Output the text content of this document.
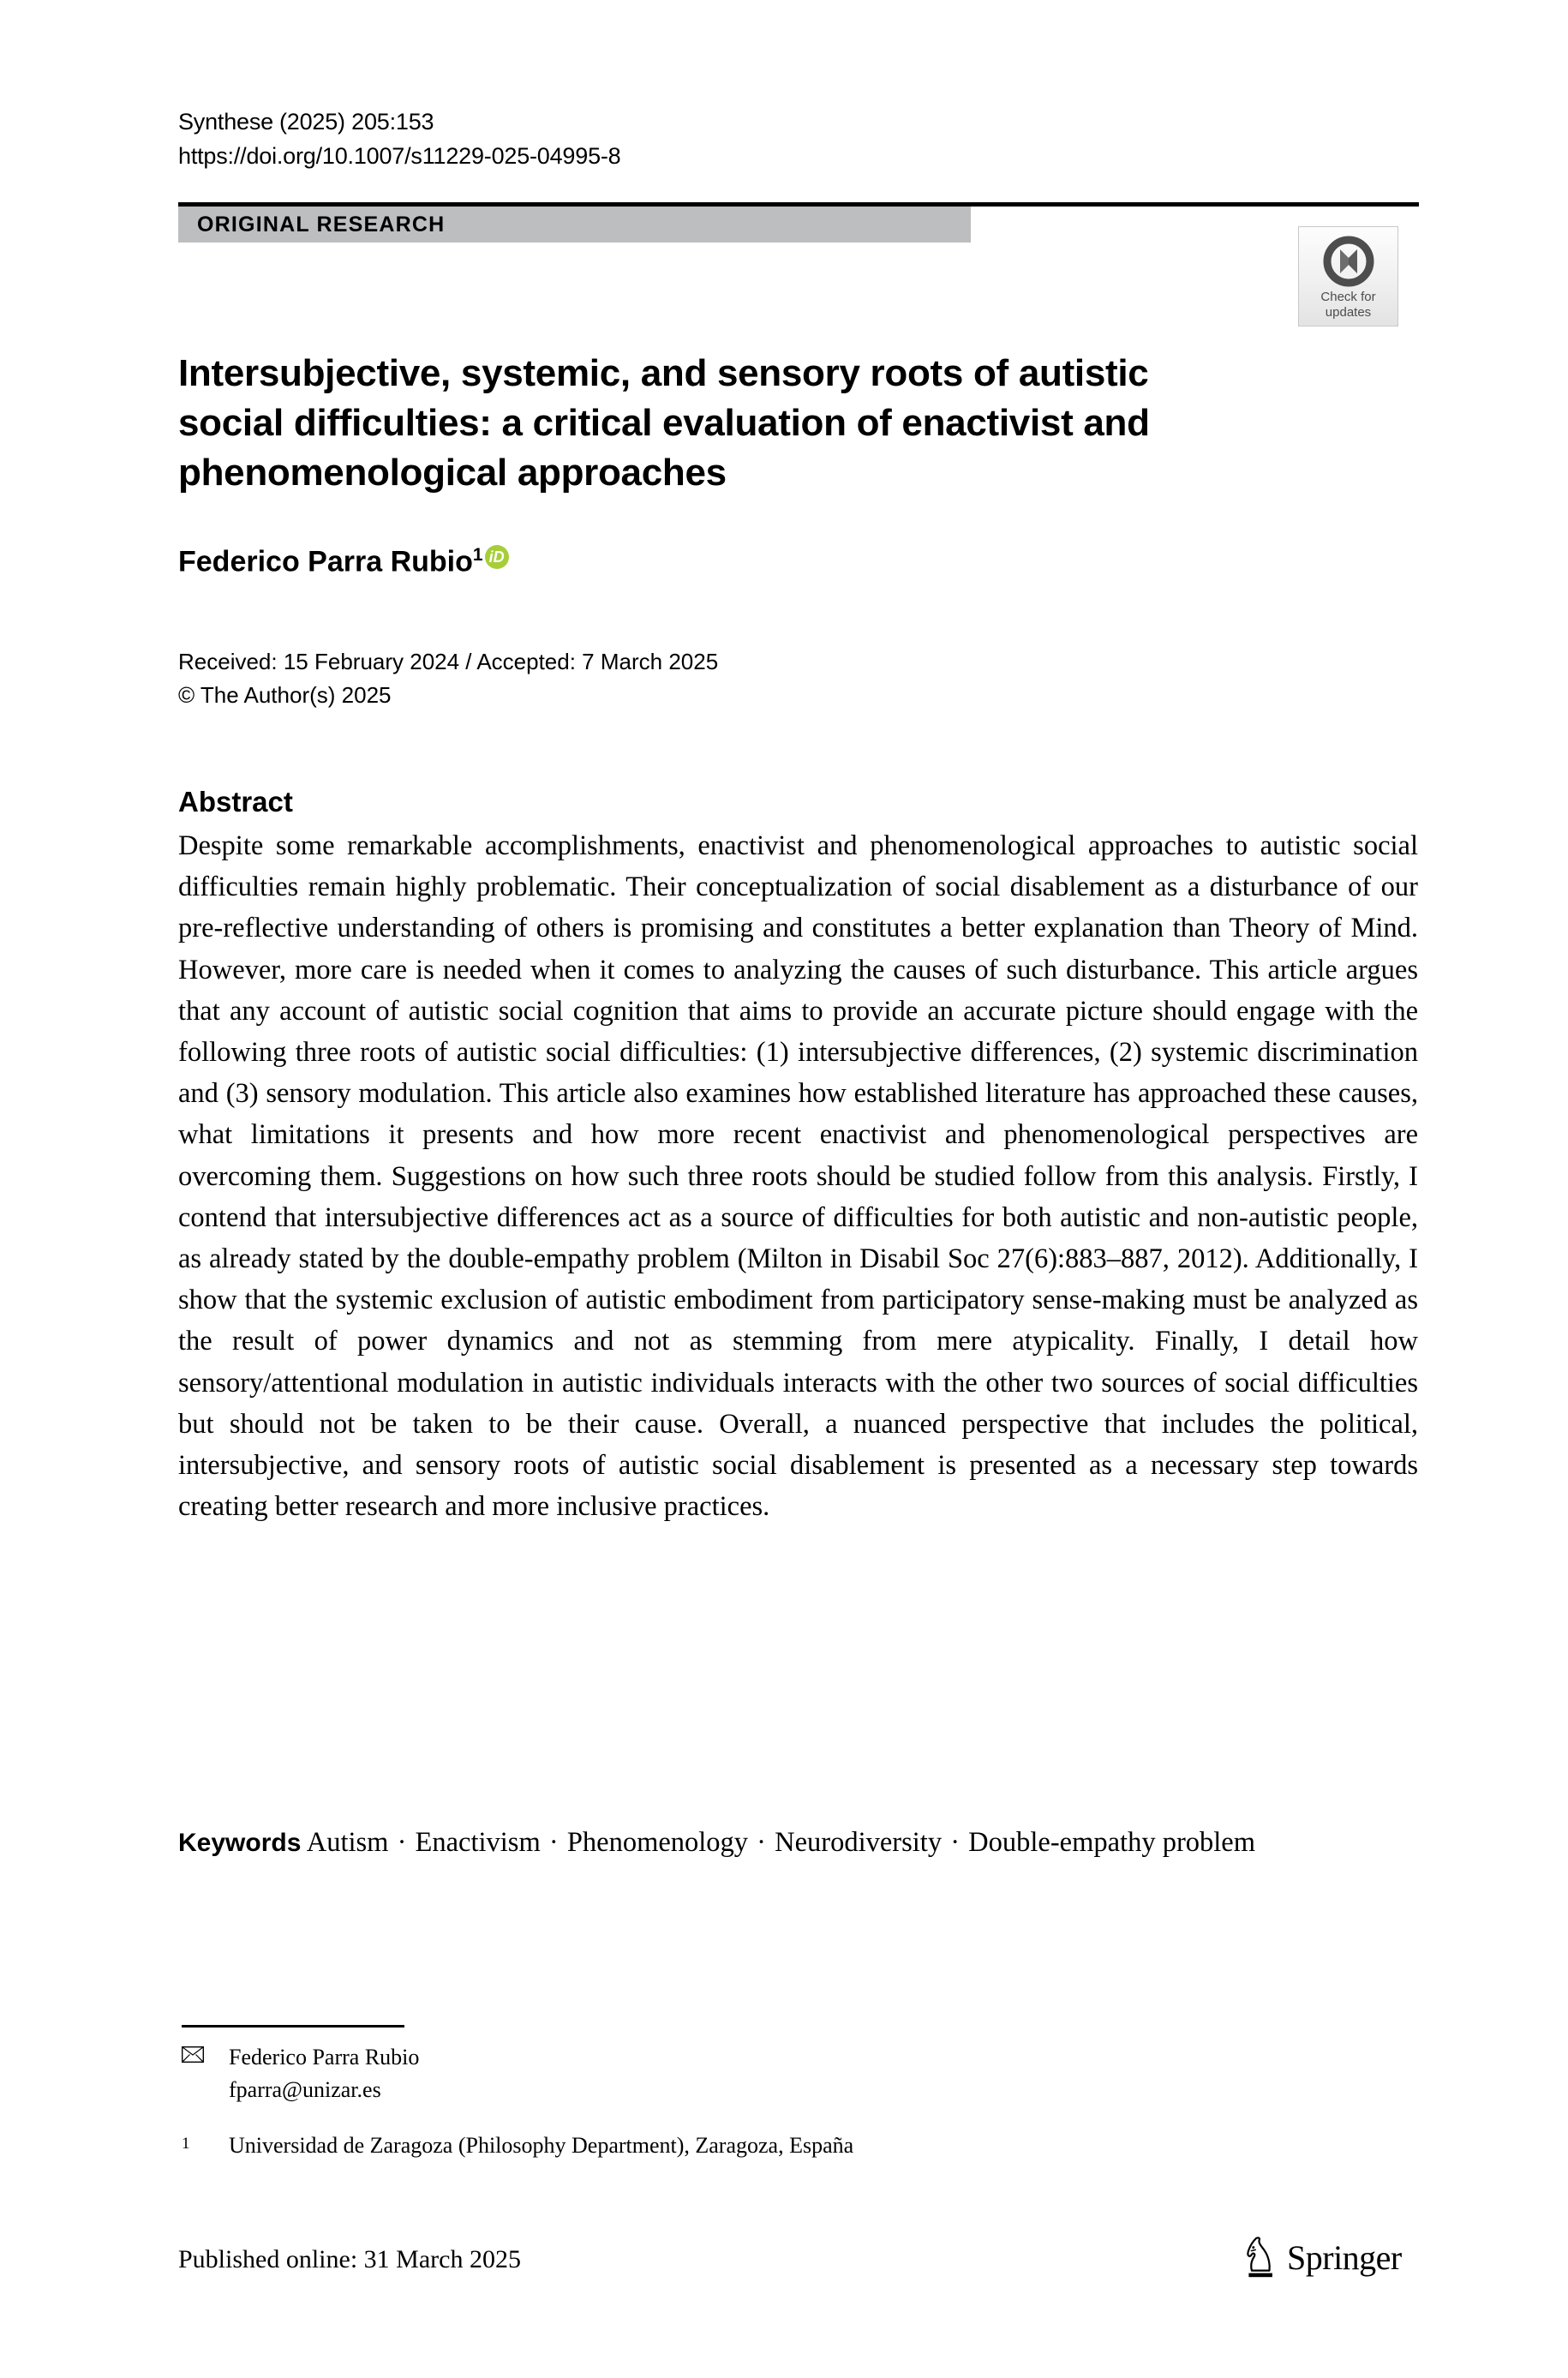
Synthese (2025) 205:153
https://doi.org/10.1007/s11229-025-04995-8
ORIGINAL RESEARCH
Check for
updates
Intersubjective, systemic, and sensory roots of autistic social difficulties: a critical evaluation of enactivist and phenomenological approaches
Federico Parra Rubio$^1$ iD
Received: 15 February 2024 / Accepted: 7 March 2025
© The Author(s) 2025
Abstract
Despite some remarkable accomplishments, enactivist and phenomenological approaches to autistic social difficulties remain highly problematic. Their conceptualization of social disablement as a disturbance of our pre-reflective understanding of others is promising and constitutes a better explanation than Theory of Mind. However, more care is needed when it comes to analyzing the causes of such disturbance. This article argues that any account of autistic social cognition that aims to provide an accurate picture should engage with the following three roots of autistic social difficulties: (1) intersubjective differences, (2) systemic discrimination and (3) sensory modulation. This article also examines how established literature has approached these causes, what limitations it presents and how more recent enactivist and phenomenological perspectives are overcoming them. Suggestions on how such three roots should be studied follow from this analysis. Firstly, I contend that intersubjective differences act as a source of difficulties for both autistic and non-autistic people, as already stated by the double-empathy problem (Milton in Disabil Soc 27(6):883–887, 2012). Additionally, I show that the systemic exclusion of autistic embodiment from participatory sense-making must be analyzed as the result of power dynamics and not as stemming from mere atypicality. Finally, I detail how sensory/attentional modulation in autistic individuals interacts with the other two sources of social difficulties but should not be taken to be their cause. Overall, a nuanced perspective that includes the political, intersubjective, and sensory roots of autistic social disablement is presented as a necessary step towards creating better research and more inclusive practices.
Keywords Autism · Enactivism · Phenomenology · Neurodiversity · Double-empathy problem
Federico Parra Rubio
fparra@unizar.es
1 Universidad de Zaragoza (Philosophy Department), Zaragoza, España
Published online: 31 March 2025	Springer
